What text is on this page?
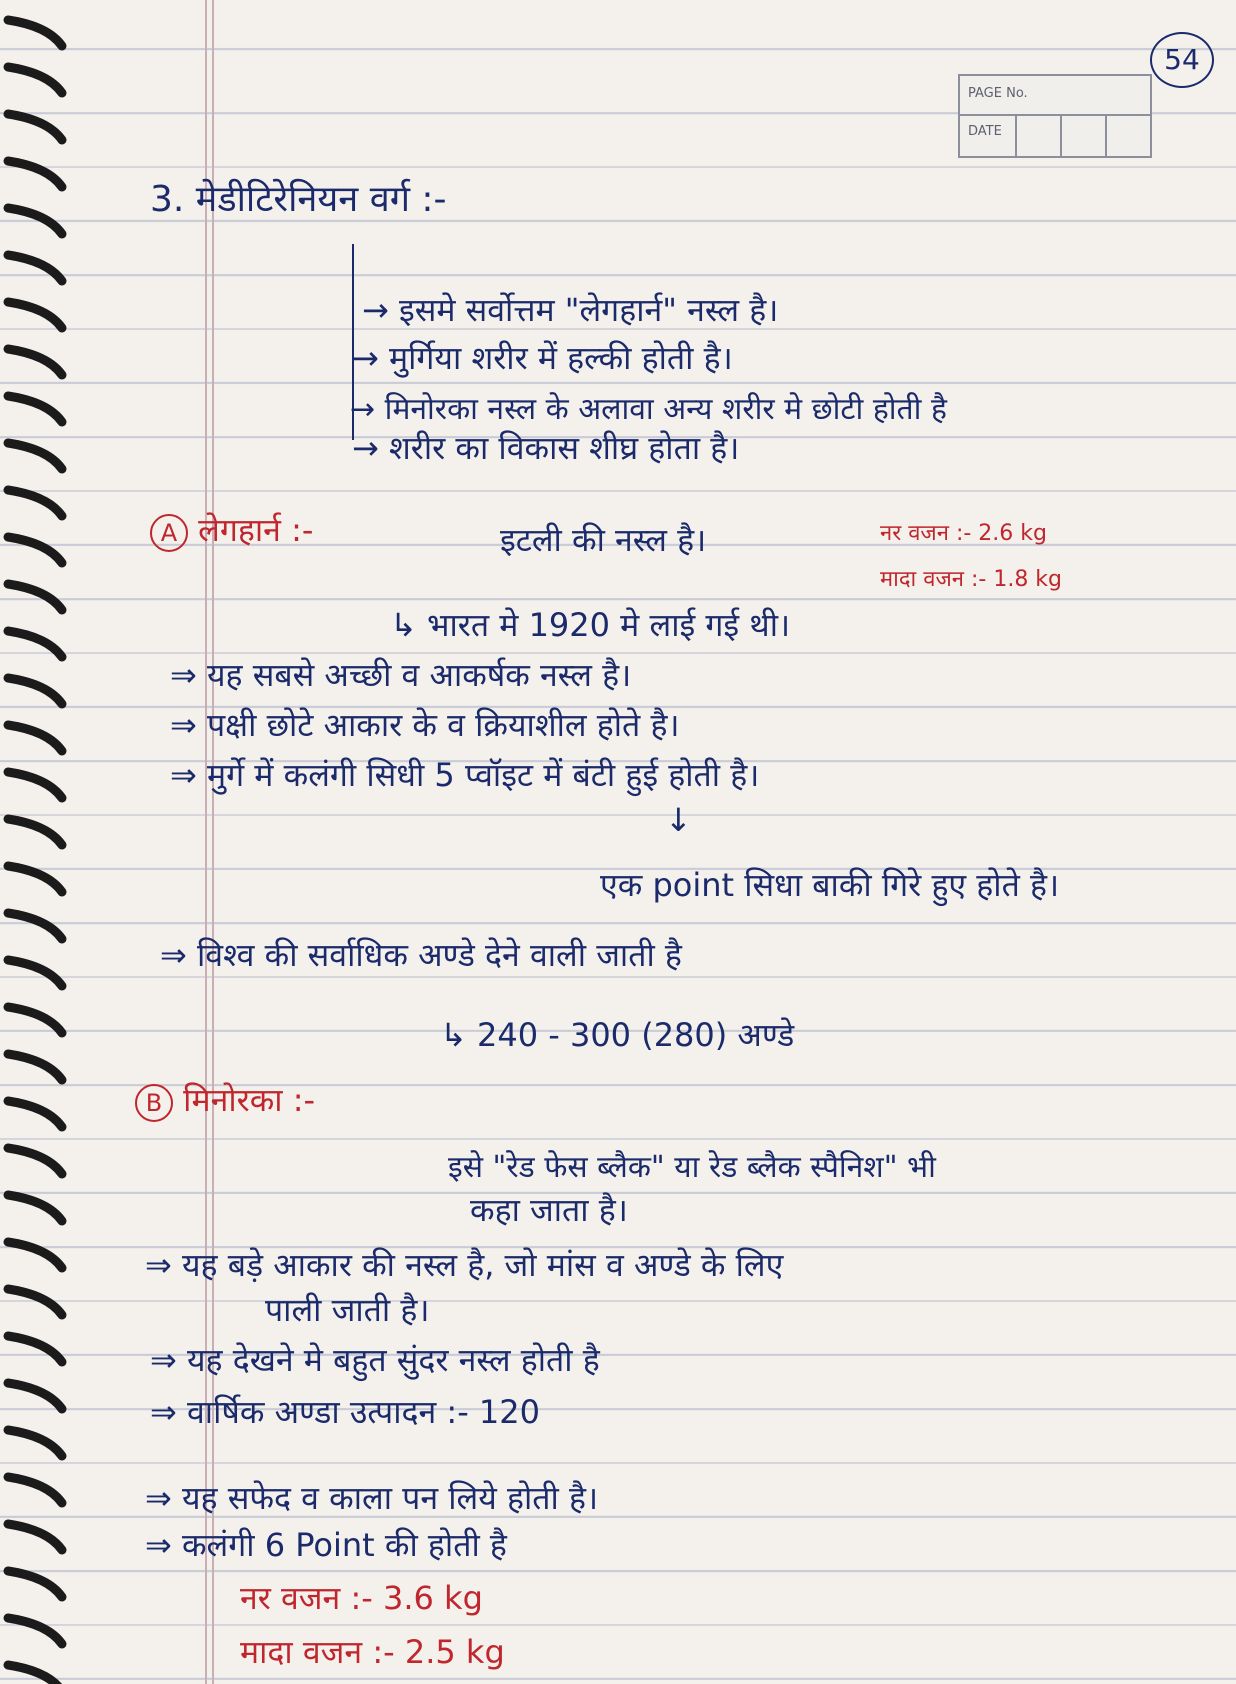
PAGE No.
DATE
54
3. मेडीटिरेनियन वर्ग :-
→ इसमे सर्वोत्तम "लेगहार्न" नस्ल है।
→ मुर्गिया शरीर में हल्की होती है।
→ मिनोरका नस्ल के अलावा अन्य शरीर मे छोटी होती है
→ शरीर का विकास शीघ्र होता है।
A लेगहार्न :-	इटली की नस्ल है।	नर वजन :- 2.6 kg
मादा वजन :- 1.8 kg
↳ भारत मे 1920 मे लाई गई थी।
⇒ यह सबसे अच्छी व आकर्षक नस्ल है।
⇒ पक्षी छोटे आकार के व क्रियाशील होते है।
⇒ मुर्गे में कलंगी सिधी 5 प्वॉइट में बंटी हुई होती है।
↓
एक point सिधा बाकी गिरे हुए होते है।
⇒ विश्व की सर्वाधिक अण्डे देने वाली जाती है
↳ 240 - 300 (280) अण्डे
B मिनोरका :-
इसे "रेड फेस ब्लैक" या रेड ब्लैक स्पैनिश" भी
कहा जाता है।
⇒ यह बड़े आकार की नस्ल है, जो मांस व अण्डे के लिए
पाली जाती है।
⇒ यह देखने मे बहुत सुंदर नस्ल होती है
⇒ वार्षिक अण्डा उत्पादन :- 120
⇒ यह सफेद व काला पन लिये होती है।
⇒ कलंगी 6 Point की होती है
नर वजन :- 3.6 kg
मादा वजन :- 2.5 kg
